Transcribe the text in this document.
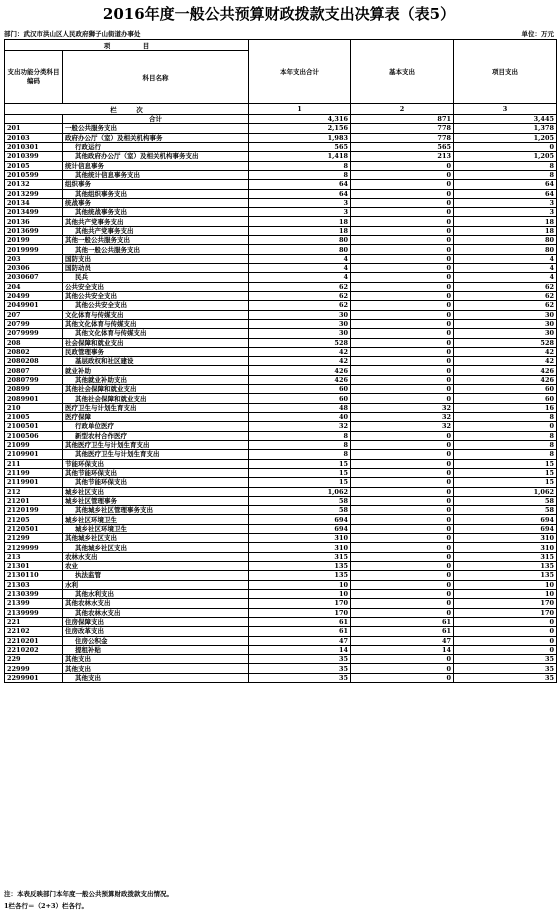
2016年度一般公共预算财政拨款支出决算表（表5）
部门：武汉市洪山区人民政府狮子山街道办事处	单位：万元
项　　　　　目		本年支出合计	基本支出	项目支出
支出功能分类科目编码	科目名称			
栏　　　次		1	2	3
	合计	4,316	871	3,445
201	一般公共服务支出	2,156	778	1,378
20103	政府办公厅（室）及相关机构事务	1,983	778	1,205
2010301	行政运行	565	565	0
2010399	其他政府办公厅（室）及相关机构事务支出	1,418	213	1,205
20105	统计信息事务	8	0	8
2010599	其他统计信息事务支出	8	0	8
20132	组织事务	64	0	64
2013299	其他组织事务支出	64	0	64
20134	统战事务	3	0	3
2013499	其他统战事务支出	3	0	3
20136	其他共产党事务支出	18	0	18
2013699	其他共产党事务支出	18	0	18
20199	其他一般公共服务支出	80	0	80
2019999	其他一般公共服务支出	80	0	80
203	国防支出	4	0	4
20306	国防动员	4	0	4
2030607	民兵	4	0	4
204	公共安全支出	62	0	62
20499	其他公共安全支出	62	0	62
2049901	其他公共安全支出	62	0	62
207	文化体育与传媒支出	30	0	30
20799	其他文化体育与传媒支出	30	0	30
2079999	其他文化体育与传媒支出	30	0	30
208	社会保障和就业支出	528	0	528
20802	民政管理事务	42	0	42
2080208	基层政权和社区建设	42	0	42
20807	就业补助	426	0	426
2080799	其他就业补助支出	426	0	426
20899	其他社会保障和就业支出	60	0	60
2089901	其他社会保障和就业支出	60	0	60
210	医疗卫生与计划生育支出	48	32	16
21005	医疗保障	40	32	8
2100501	行政单位医疗	32	32	0
2100506	新型农村合作医疗	8	0	8
21099	其他医疗卫生与计划生育支出	8	0	8
2109901	其他医疗卫生与计划生育支出	8	0	8
211	节能环保支出	15	0	15
21199	其他节能环保支出	15	0	15
2119901	其他节能环保支出	15	0	15
212	城乡社区支出	1,062	0	1,062
21201	城乡社区管理事务	58	0	58
2120199	其他城乡社区管理事务支出	58	0	58
21205	城乡社区环境卫生	694	0	694
2120501	城乡社区环境卫生	694	0	694
21299	其他城乡社区支出	310	0	310
2129999	其他城乡社区支出	310	0	310
213	农林水支出	315	0	315
21301	农业	135	0	135
2130110	执法监管	135	0	135
21303	水利	10	0	10
2130399	其他水利支出	10	0	10
21399	其他农林水支出	170	0	170
2139999	其他农林水支出	170	0	170
221	住房保障支出	61	61	0
22102	住房改革支出	61	61	0
2210201	住房公积金	47	47	0
2210202	提租补贴	14	14	0
229	其他支出	35	0	35
22999	其他支出	35	0	35
2299901	其他支出	35	0	35
注：本表反映部门本年度一般公共预算财政拨款支出情况。
1栏各行＝（2+3）栏各行。
